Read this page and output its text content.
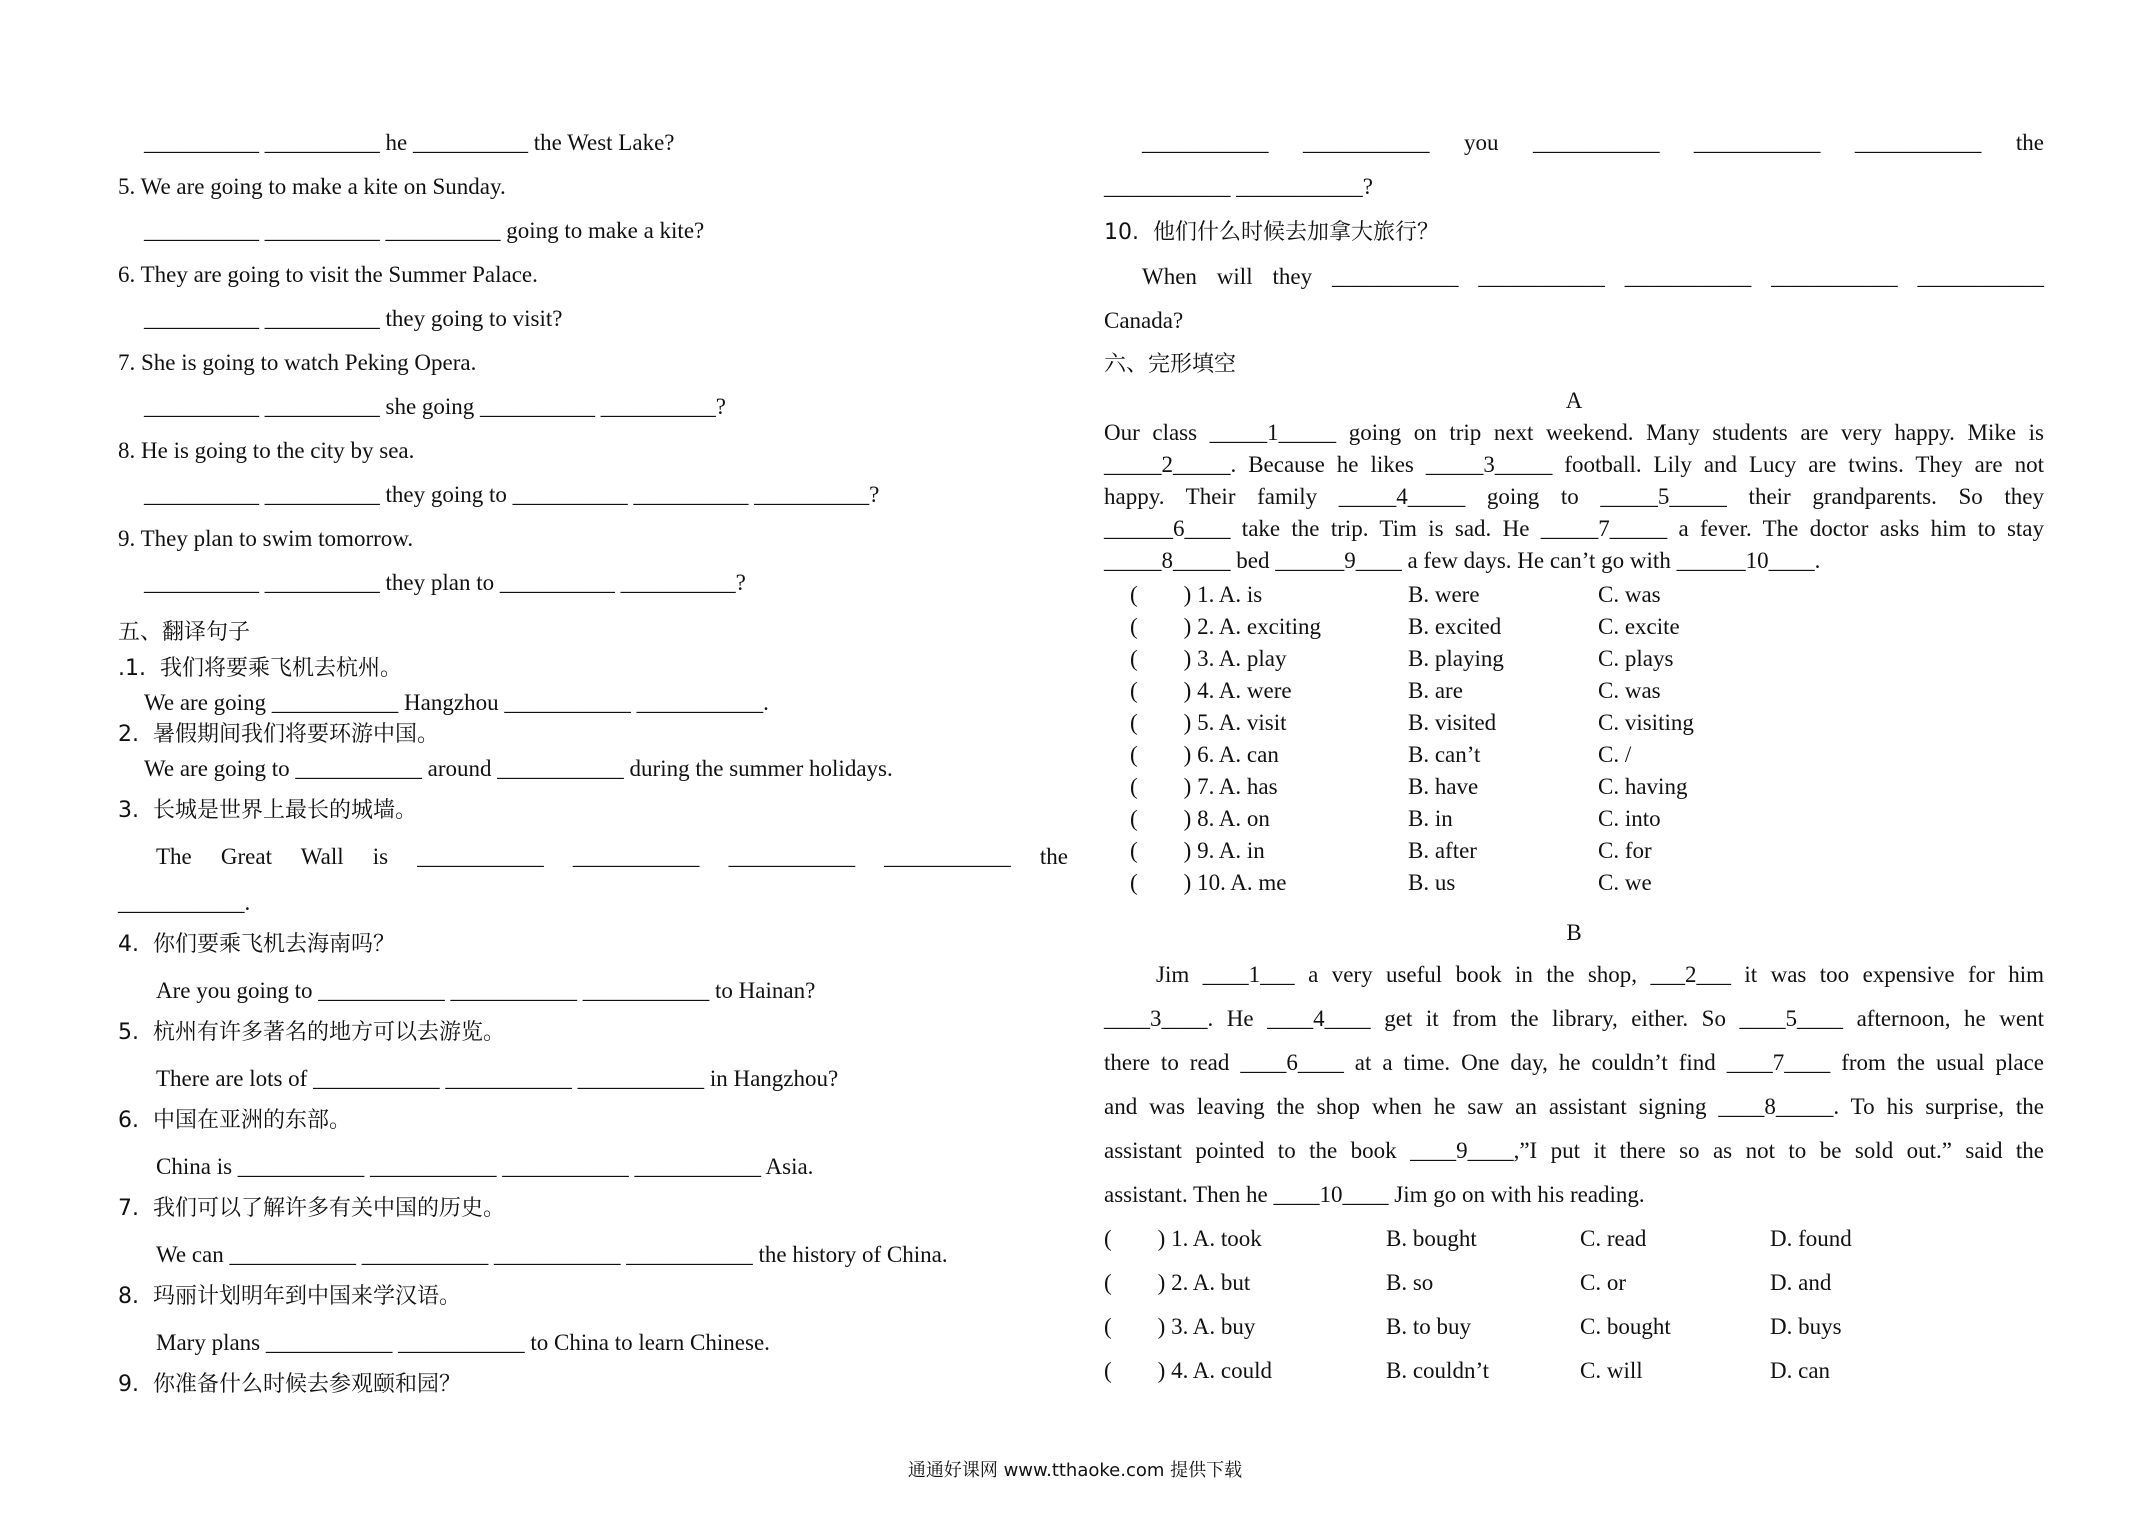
__________ __________ he __________ the West Lake?
5. We are going to make a kite on Sunday.
__________ __________ __________ going to make a kite?
6. They are going to visit the Summer Palace.
__________ __________ they going to visit?
7. She is going to watch Peking Opera.
__________ __________ she going __________ __________?
8. He is going to the city by sea.
__________ __________ they going to __________ __________ __________?
9. They plan to swim tomorrow.
__________ __________ they plan to __________ __________?
五、翻译句子
.1.  我们将要乘飞机去杭州。
We are going ___________ Hangzhou ___________ ___________.
2.  暑假期间我们将要环游中国。
We are going to ___________ around ___________ during the summer holidays.
3.  长城是世界上最长的城墙。
The Great Wall is ___________ ___________ ___________ ___________ the
___________.
4.  你们要乘飞机去海南吗？
Are you going to ___________ ___________ ___________ to Hainan?
5.  杭州有许多著名的地方可以去游览。
There are lots of ___________ ___________ ___________ in Hangzhou?
6.  中国在亚洲的东部。
China is ___________ ___________ ___________ ___________ Asia.
7.  我们可以了解许多有关中国的历史。
We can ___________ ___________ ___________ ___________ the history of China.
8.  玛丽计划明年到中国来学汉语。
Mary plans ___________ ___________ to China to learn Chinese.
9.  你准备什么时候去参观颐和园？
___________ ___________ you ___________ ___________ ___________ the
___________ ___________?
10.  他们什么时候去加拿大旅行？
When will they ___________ ___________ ___________ ___________ ___________
Canada?
六、完形填空
A
Our class _____1_____ going on trip next weekend. Many students are very happy. Mike is
_____2_____. Because he likes _____3_____ football. Lily and Lucy are twins. They are not
happy. Their family _____4_____ going to _____5_____ their grandparents. So they
______6____ take the trip. Tim is sad. He _____7_____ a fever. The doctor asks him to stay
_____8_____ bed ______9____ a few days. He can’t go with ______10____.
B
Jim ____1___ a very useful book in the shop, ___2___ it was too expensive for him
____3____. He ____4____ get it from the library, either. So ____5____ afternoon, he went
there to read ____6____ at a time. One day, he couldn’t find ____7____ from the usual place
and was leaving the shop when he saw an assistant signing ____8_____. To his surprise, the
assistant pointed to the book ____9____,”I put it there so as not to be sold out.” said the
assistant. Then he ____10____ Jim go on with his reading.
(        ) 1. A. is	B. were	C. was
(        ) 2. A. exciting	B. excited	C. excite
(        ) 3. A. play	B. playing	C. plays
(        ) 4. A. were	B. are	C. was
(        ) 5. A. visit	B. visited	C. visiting
(        ) 6. A. can	B. can’t	C. /
(        ) 7. A. has	B. have	C. having
(        ) 8. A. on	B. in	C. into
(        ) 9. A. in	B. after	C. for
(        ) 10. A. me	B. us	C. we
(        ) 1. A. took	B. bought	C. read	D. found
(        ) 2. A. but	B. so	C. or	D. and
(        ) 3. A. buy	B. to buy	C. bought	D. buys
(        ) 4. A. could	B. couldn’t	C. will	D. can
通通好课网 www.tthaoke.com 提供下载
